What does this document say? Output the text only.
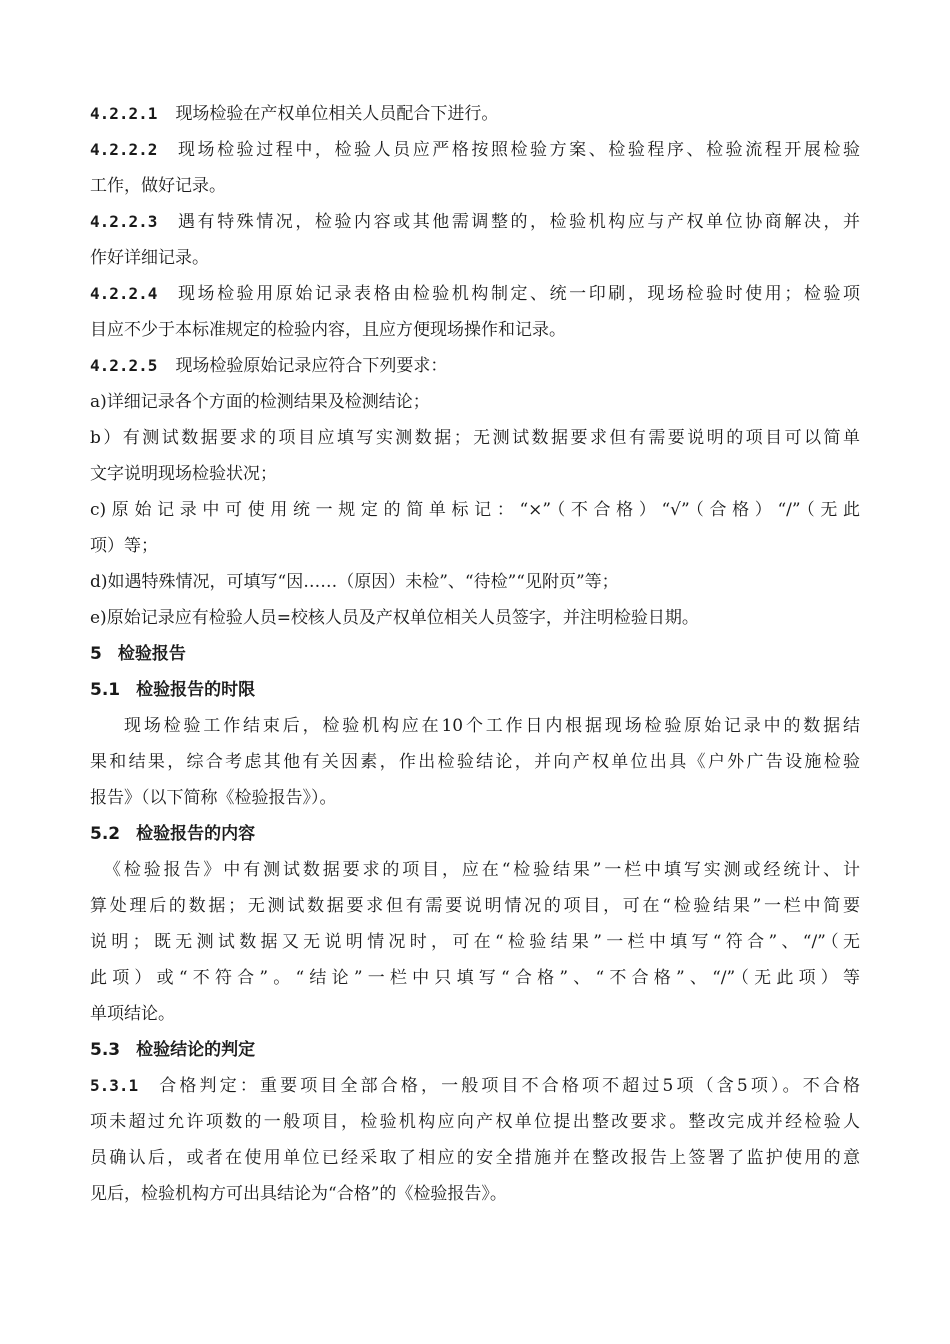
4.2.2.1 现场检验在产权单位相关人员配合下进行。
4.2.2.2 现场检验过程中，检验人员应严格按照检验方案、检验程序、检验流程开展检验
工作，做好记录。
4.2.2.3 遇有特殊情况，检验内容或其他需调整的，检验机构应与产权单位协商解决，并
作好详细记录。
4.2.2.4 现场检验用原始记录表格由检验机构制定、统一印刷，现场检验时使用；检验项
目应不少于本标准规定的检验内容，且应方便现场操作和记录。
4.2.2.5 现场检验原始记录应符合下列要求：
a)详细记录各个方面的检测结果及检测结论；
b）有测试数据要求的项目应填写实测数据；无测试数据要求但有需要说明的项目可以简单
文字说明现场检验状况；
c)原始记录中可使用统一规定的简单标记：“×”（不合格）“√”（合格）“/”（无此
项）等；
d)如遇特殊情况，可填写“因……（原因）未检”、“待检”“见附页”等；
e)原始记录应有检验人员=校核人员及产权单位相关人员签字，并注明检验日期。
5 检验报告
5.1 检验报告的时限
现场检验工作结束后，检验机构应在10个工作日内根据现场检验原始记录中的数据结
果和结果，综合考虑其他有关因素，作出检验结论，并向产权单位出具《户外广告设施检验
报告》（以下简称《检验报告》）。
5.2 检验报告的内容
《检验报告》中有测试数据要求的项目，应在“检验结果”一栏中填写实测或经统计、计
算处理后的数据；无测试数据要求但有需要说明情况的项目，可在“检验结果”一栏中简要
说明；既无测试数据又无说明情况时，可在“检验结果”一栏中填写“符合”、“/”（无
此项）或“不符合”。“结论”一栏中只填写“合格”、“不合格”、“/”（无此项）等
单项结论。
5.3 检验结论的判定
5.3.1 合格判定：重要项目全部合格，一般项目不合格项不超过5项（含5项）。不合格
项未超过允许项数的一般项目，检验机构应向产权单位提出整改要求。整改完成并经检验人
员确认后，或者在使用单位已经采取了相应的安全措施并在整改报告上签署了监护使用的意
见后，检验机构方可出具结论为“合格”的《检验报告》。
